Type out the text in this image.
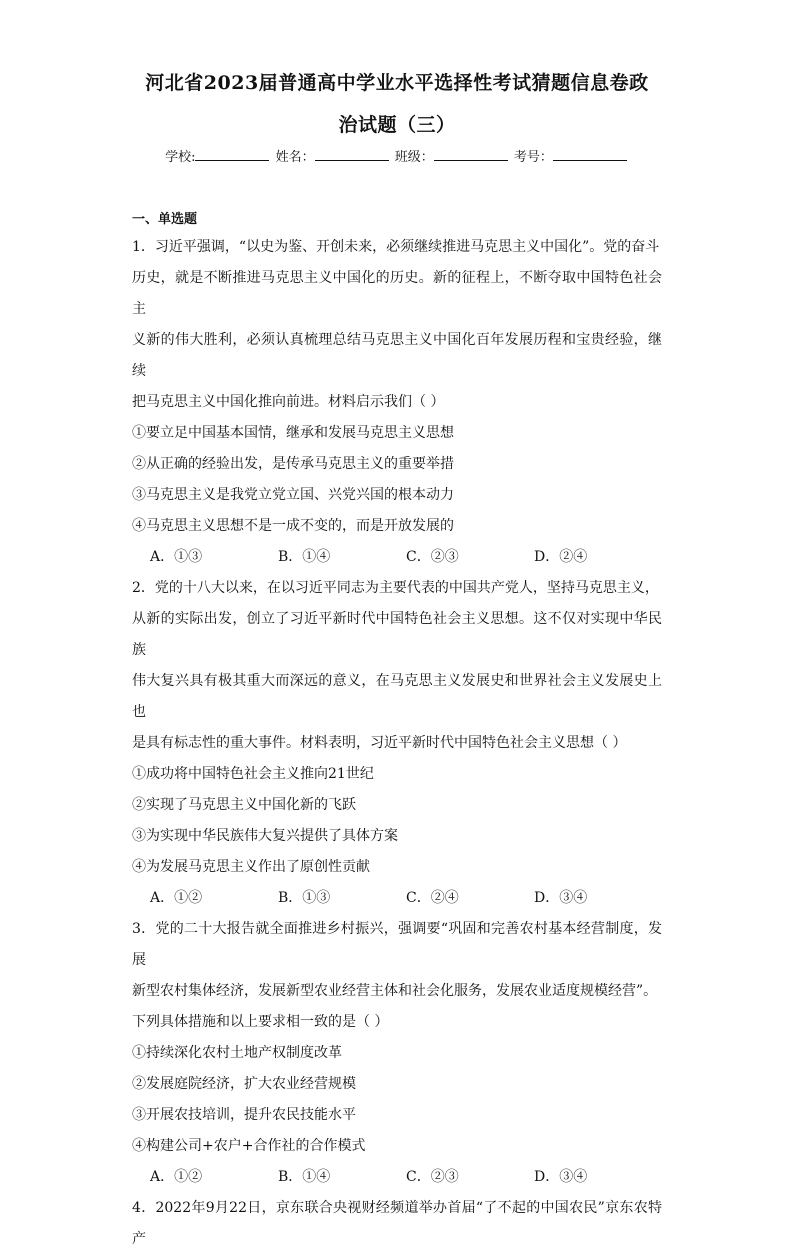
河北省2023届普通高中学业水平选择性考试猜题信息卷政
治试题（三）
学校:	姓名：	班级：	考号：
一、单选题
1．习近平强调，“以史为鉴、开创未来，必须继续推进马克思主义中国化”。党的奋斗
历史，就是不断推进马克思主义中国化的历史。新的征程上，不断夺取中国特色社会主
义新的伟大胜利，必须认真梳理总结马克思主义中国化百年发展历程和宝贵经验，继续
把马克思主义中国化推向前进。材料启示我们（ ）
①要立足中国基本国情，继承和发展马克思主义思想
②从正确的经验出发，是传承马克思主义的重要举措
③马克思主义是我党立党立国、兴党兴国的根本动力
④马克思主义思想不是一成不变的，而是开放发展的
A．①③	B．①④	C．②③	D．②④
2．党的十八大以来，在以习近平同志为主要代表的中国共产党人，坚持马克思主义，
从新的实际出发，创立了习近平新时代中国特色社会主义思想。这不仅对实现中华民族
伟大复兴具有极其重大而深远的意义，在马克思主义发展史和世界社会主义发展史上也
是具有标志性的重大事件。材料表明，习近平新时代中国特色社会主义思想（ ）
①成功将中国特色社会主义推向21世纪
②实现了马克思主义中国化新的飞跃
③为实现中华民族伟大复兴提供了具体方案
④为发展马克思主义作出了原创性贡献
A．①②	B．①③	C．②④	D．③④
3．党的二十大报告就全面推进乡村振兴，强调要“巩固和完善农村基本经营制度，发展
新型农村集体经济，发展新型农业经营主体和社会化服务，发展农业适度规模经营”。
下列具体措施和以上要求相一致的是（ ）
①持续深化农村土地产权制度改革
②发展庭院经济，扩大农业经营规模
③开展农技培训，提升农民技能水平
④构建公司+农户+合作社的合作模式
A．①②	B．①④	C．②③	D．③④
4．2022年9月22日，京东联合央视财经频道举办首届“了不起的中国农民”京东农特产
